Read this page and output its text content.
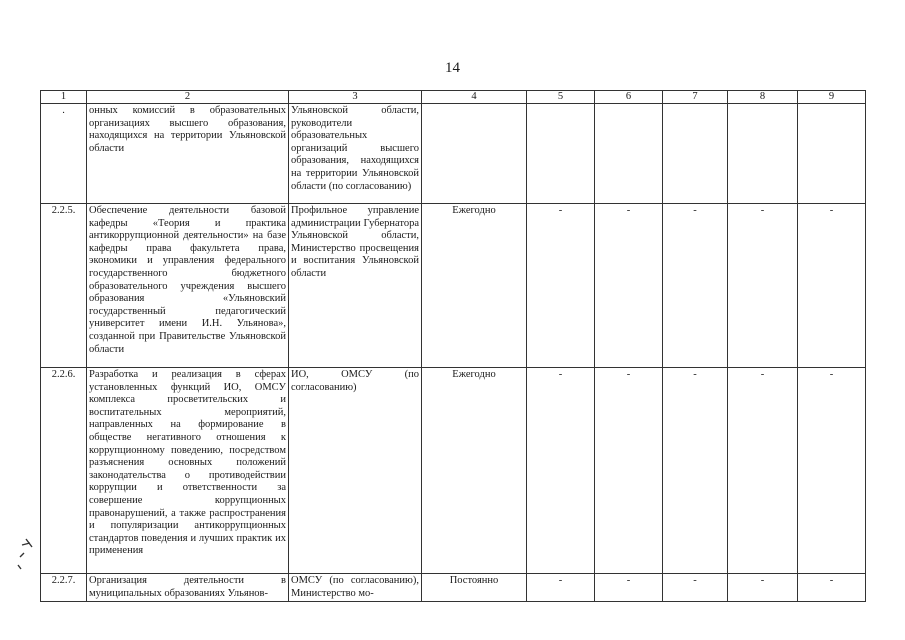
14
1	2	3	4	5	6	7	8	9
.	онных комиссий в образовательных организациях высшего образования, находящихся на территории Ульяновской области	Ульяновской области, руководители образовательных организаций высшего образования, находящихся на территории Ульяновской области (по согласованию)						
2.2.5.	Обеспечение деятельности базовой кафедры «Теория и практика антикоррупционной деятельности» на базе кафедры права факультета права, экономики и управления федерального государственного бюджетного образовательного учреждения высшего образования «Ульяновский государственный педагогический университет имени И.Н. Ульянова», созданной при Правительстве Ульяновской области	Профильное управление администрации Губернатора Ульяновской области, Министерство просвещения и воспитания Ульяновской области	Ежегодно	-	-	-	-	-
2.2.6.	Разработка и реализация в сферах установленных функций ИО, ОМСУ комплекса просветительских и воспитательных мероприятий, направленных на формирование в обществе негативного отношения к коррупционному поведению, посредством разъяснения основных положений законодательства о противодействии коррупции и ответственности за совершение коррупционных правонарушений, а также распространения и популяризации антикоррупционных стандартов поведения и лучших практик их применения	ИО, ОМСУ (по согласованию)	Ежегодно	-	-	-	-	-
2.2.7.	Организация деятельности в муниципальных образованиях Ульянов-	ОМСУ (по согласованию), Министерство мо-	Постоянно	-	-	-	-	-
